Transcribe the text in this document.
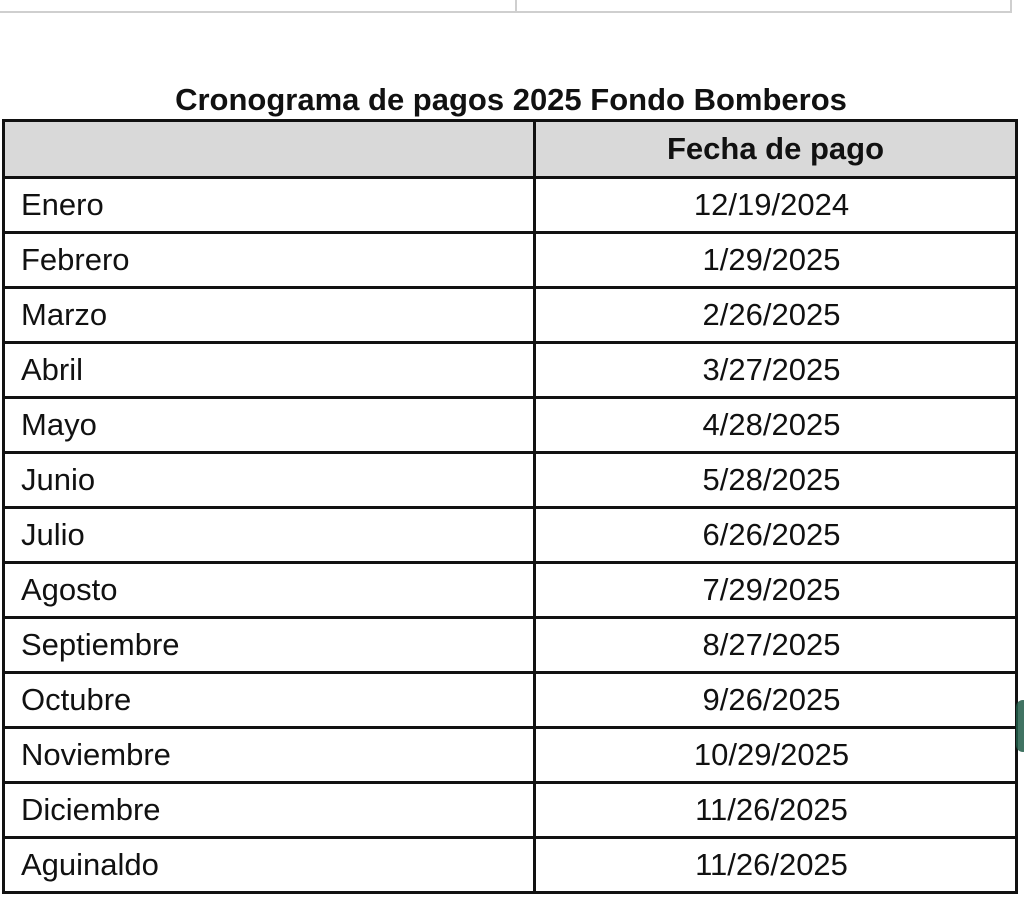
Cronograma de pagos 2025 Fondo Bomberos
	Fecha de pago
Enero	12/19/2024
Febrero	1/29/2025
Marzo	2/26/2025
Abril	3/27/2025
Mayo	4/28/2025
Junio	5/28/2025
Julio	6/26/2025
Agosto	7/29/2025
Septiembre	8/27/2025
Octubre	9/26/2025
Noviembre	10/29/2025
Diciembre	11/26/2025
Aguinaldo	11/26/2025
